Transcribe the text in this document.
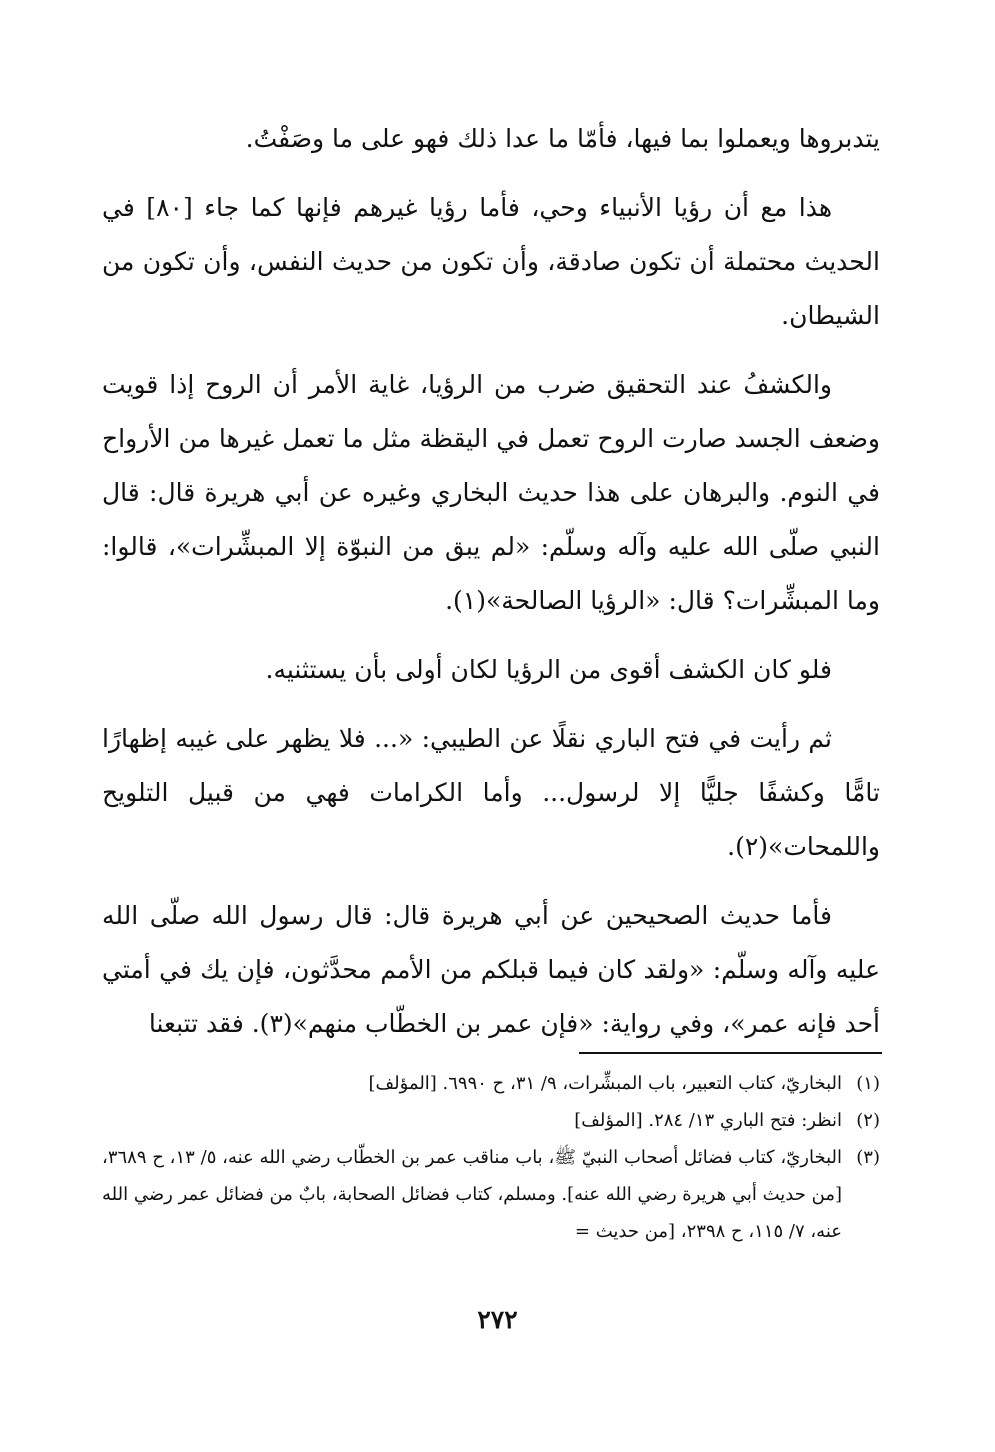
يتدبروها ويعملوا بما فيها، فأمّا ما عدا ذلك فهو على ما وصَفْتُ.

هذا مع أن رؤيا الأنبياء وحي، فأما رؤيا غيرهم فإنها كما جاء [٨٠] في الحديث محتملة أن تكون صادقة، وأن تكون من حديث النفس، وأن تكون من الشيطان.

والكشفُ عند التحقيق ضرب من الرؤيا، غاية الأمر أن الروح إذا قويت وضعف الجسد صارت الروح تعمل في اليقظة مثل ما تعمل غيرها من الأرواح في النوم. والبرهان على هذا حديث البخاري وغيره عن أبي هريرة قال: قال النبي صلّى الله عليه وآله وسلّم: «لم يبق من النبوّة إلا المبشِّرات»، قالوا: وما المبشِّرات؟ قال: «الرؤيا الصالحة»(١).

فلو كان الكشف أقوى من الرؤيا لكان أولى بأن يستثنيه.

ثم رأيت في فتح الباري نقلًا عن الطيبي: «... فلا يظهر على غيبه إظهارًا تامًّا وكشفًا جليًّا إلا لرسول... وأما الكرامات فهي من قبيل التلويح واللمحات»(٢).

فأما حديث الصحيحين عن أبي هريرة قال: قال رسول الله صلّى الله عليه وآله وسلّم: «ولقد كان فيما قبلكم من الأمم محدَّثون، فإن يك في أمتي أحد فإنه عمر»، وفي رواية: «فإن عمر بن الخطّاب منهم»(٣). فقد تتبعنا

(١)البخاريّ، كتاب التعبير، باب المبشِّرات، ٩/ ٣١، ح ٦٩٩٠. [المؤلف]

(٢)انظر: فتح الباري ١٣/ ٢٨٤. [المؤلف]

(٣)
البخاريّ، كتاب فضائل أصحاب النبيّ ﷺ، باب مناقب عمر بن الخطّاب رضي الله عنه، ٥/ ١٣، ح ٣٦٨٩، [من حديث أبي هريرة رضي الله عنه]. ومسلم، كتاب فضائل الصحابة، بابٌ من فضائل عمر رضي الله عنه، ٧/ ١١٥، ح ٢٣٩٨، [من حديث =

٢٧٢
